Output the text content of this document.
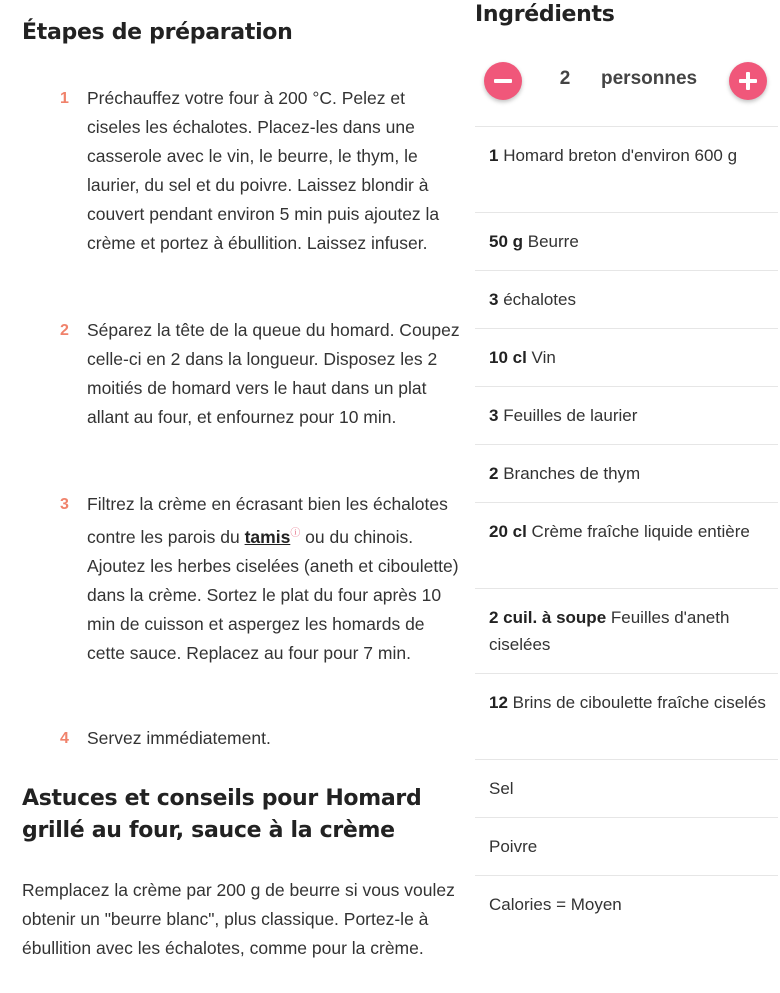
Étapes de préparation
1	Préchauffez votre four à 200 °C. Pelez et ciseles les échalotes. Placez-les dans une casserole avec le vin, le beurre, le thym, le laurier, du sel et du poivre. Laissez blondir à couvert pendant environ 5 min puis ajoutez la crème et portez à ébullition. Laissez infuser.

2	Séparez la tête de la queue du homard. Coupez celle-ci en 2 dans la longueur. Disposez les 2 moitiés de homard vers le haut dans un plat allant au four, et enfournez pour 10 min.

3	Filtrez la crème en écrasant bien les échalotes contre les parois du tamisⓘ ou du chinois. Ajoutez les herbes ciselées (aneth et ciboulette) dans la crème. Sortez le plat du four après 10 min de cuisson et aspergez les homards de cette sauce. Replacez au four pour 7 min.

4	Servez immédiatement.

Astuces et conseils pour Homard grillé au four, sauce à la crème

Remplacez la crème par 200 g de beurre si vous voulez obtenir un "beurre blanc", plus classique. Portez-le à ébullition avec les échalotes, comme pour la crème.

Ingrédients
2 personnes
1 Homard breton d'environ 600 g
50 g Beurre
3 échalotes
10 cl Vin
3 Feuilles de laurier
2 Branches de thym
20 cl Crème fraîche liquide entière
2 cuil. à soupe Feuilles d'aneth ciselées
12 Brins de ciboulette fraîche ciselés
Sel
Poivre
Calories = Moyen
